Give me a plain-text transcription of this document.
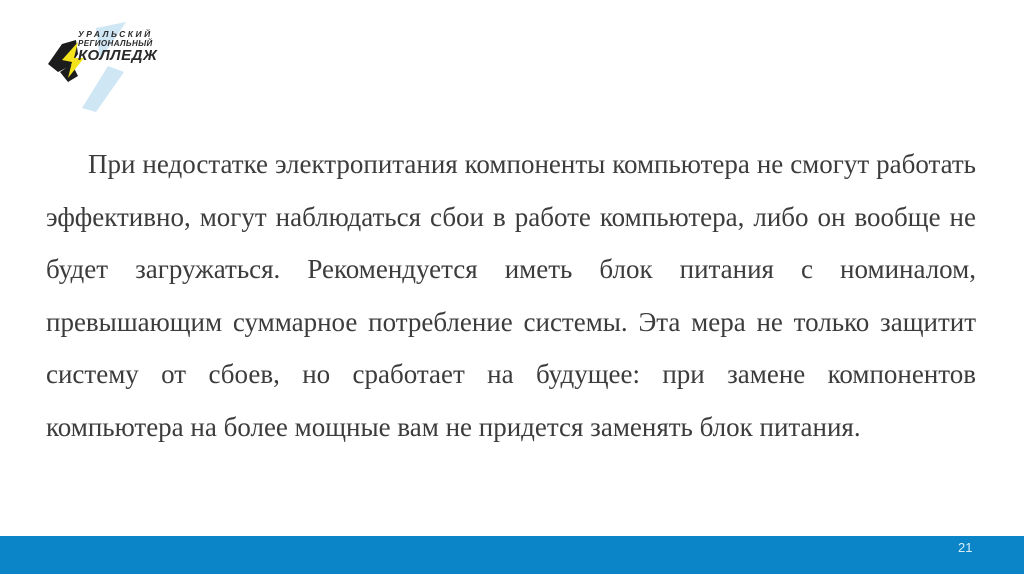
УРАЛЬСКИЙ
РЕГИОНАЛЬНЫЙ
КОЛЛЕДЖ

При недостатке электропитания компоненты компьютера не смогут работать эффективно, могут наблюдаться сбои в работе компьютера, либо он вообще не будет загружаться. Рекомендуется иметь блок питания с номиналом, превышающим суммарное потребление системы. Эта мера не только защитит систему от сбоев, но сработает на будущее: при замене компонентов компьютера на более мощные вам не придется заменять блок питания.

21
